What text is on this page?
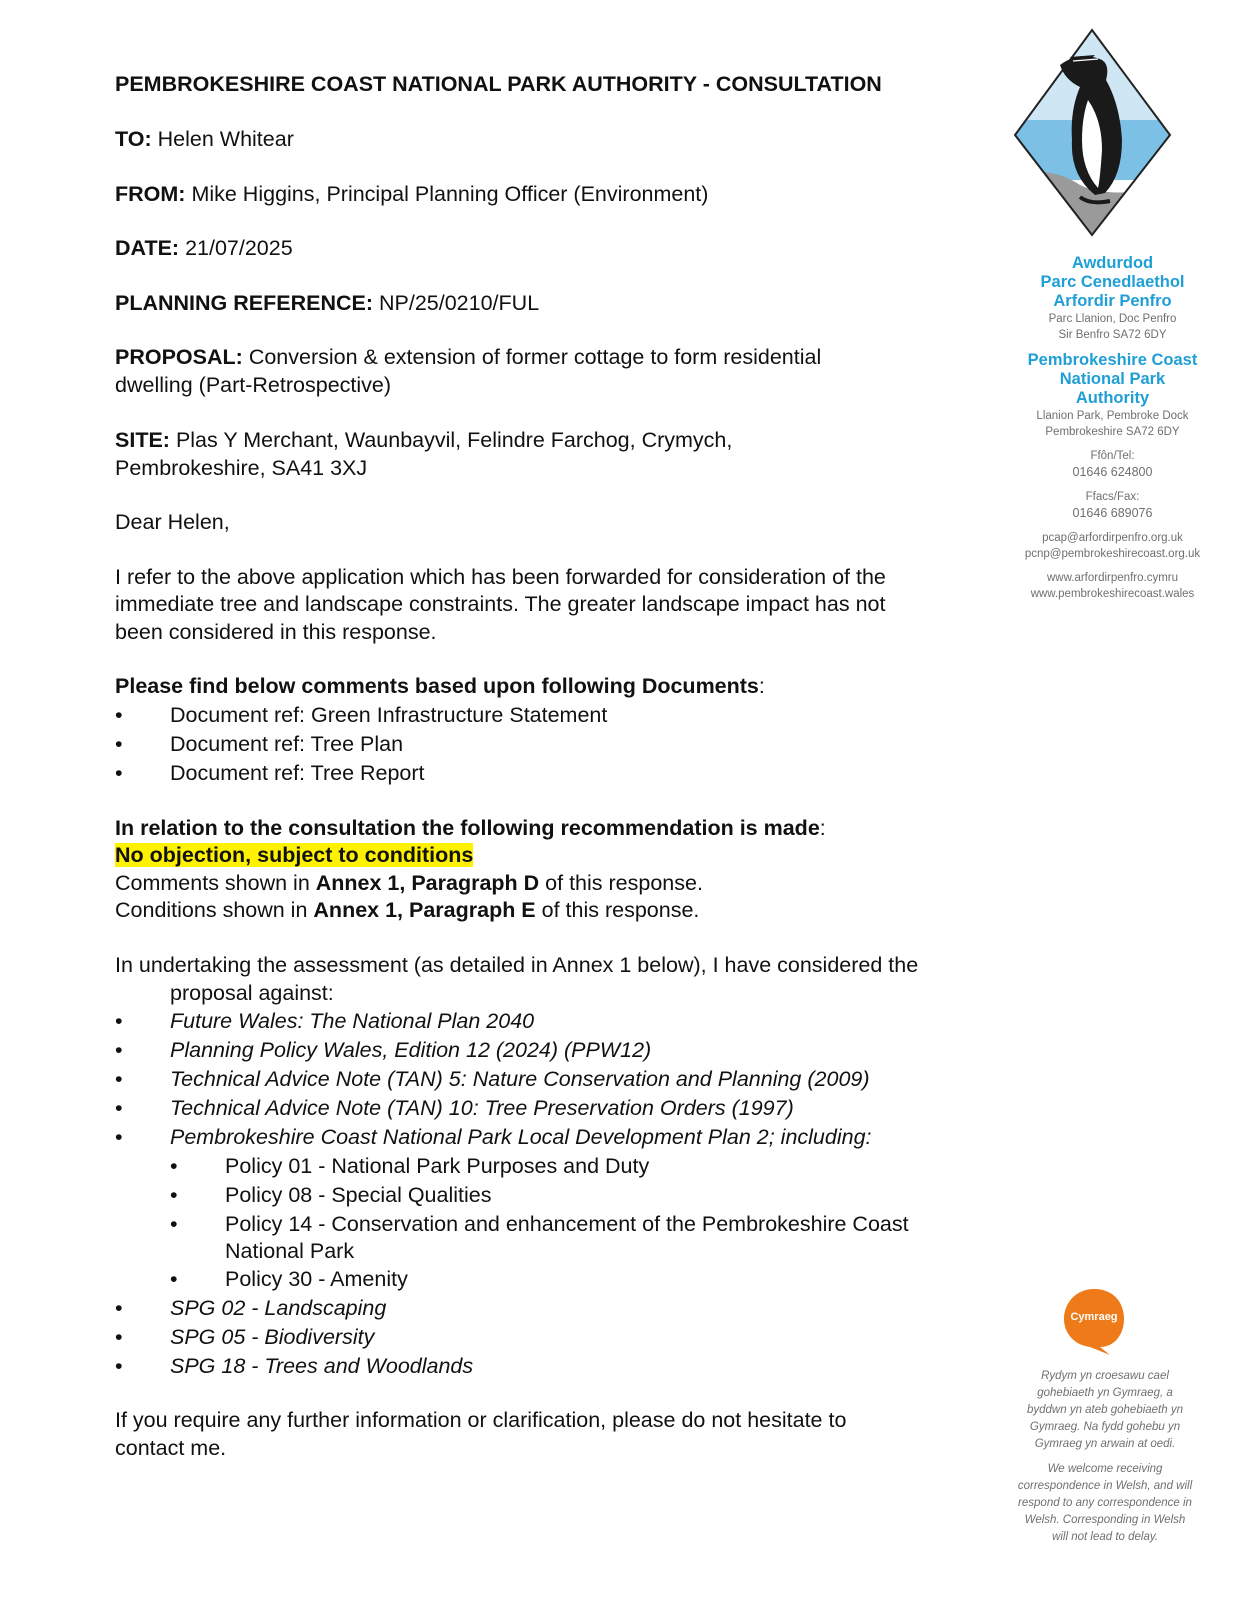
PEMBROKESHIRE COAST NATIONAL PARK AUTHORITY - CONSULTATION
TO: Helen Whitear
FROM: Mike Higgins, Principal Planning Officer (Environment)
DATE: 21/07/2025
PLANNING REFERENCE: NP/25/0210/FUL
PROPOSAL: Conversion & extension of former cottage to form residential
dwelling (Part-Retrospective)
SITE: Plas Y Merchant, Waunbayvil, Felindre Farchog, Crymych,
Pembrokeshire, SA41 3XJ
Dear Helen,
I refer to the above application which has been forwarded for consideration of the
immediate tree and landscape constraints. The greater landscape impact has not
been considered in this response.
Please find below comments based upon following Documents:
• Document ref: Green Infrastructure Statement
• Document ref: Tree Plan
• Document ref: Tree Report
In relation to the consultation the following recommendation is made:
No objection, subject to conditions
Comments shown in Annex 1, Paragraph D of this response.
Conditions shown in Annex 1, Paragraph E of this response.
In undertaking the assessment (as detailed in Annex 1 below), I have considered the
proposal against:
• Future Wales: The National Plan 2040
• Planning Policy Wales, Edition 12 (2024) (PPW12)
• Technical Advice Note (TAN) 5: Nature Conservation and Planning (2009)
• Technical Advice Note (TAN) 10: Tree Preservation Orders (1997)
• Pembrokeshire Coast National Park Local Development Plan 2; including:
• Policy 01 - National Park Purposes and Duty
• Policy 08 - Special Qualities
• Policy 14 - Conservation and enhancement of the Pembrokeshire Coast
National Park
• Policy 30 - Amenity
• SPG 02 - Landscaping
• SPG 05 - Biodiversity
• SPG 18 - Trees and Woodlands
If you require any further information or clarification, please do not hesitate to
contact me.
Awdurdod
Parc Cenedlaethol
Arfordir Penfro
Parc Llanion, Doc Penfro
Sir Benfro SA72 6DY
Pembrokeshire Coast
National Park
Authority
Llanion Park, Pembroke Dock
Pembrokeshire SA72 6DY
Ffôn/Tel:
01646 624800
Ffacs/Fax:
01646 689076
pcap@arfordirpenfro.org.uk
pcnp@pembrokeshirecoast.org.uk
www.arfordirpenfro.cymru
www.pembrokeshirecoast.wales
Cymraeg
Rydym yn croesawu cael
gohebiaeth yn Gymraeg, a
byddwn yn ateb gohebiaeth yn
Gymraeg. Na fydd gohebu yn
Gymraeg yn arwain at oedi.
We welcome receiving
correspondence in Welsh, and will
respond to any correspondence in
Welsh. Corresponding in Welsh
will not lead to delay.
